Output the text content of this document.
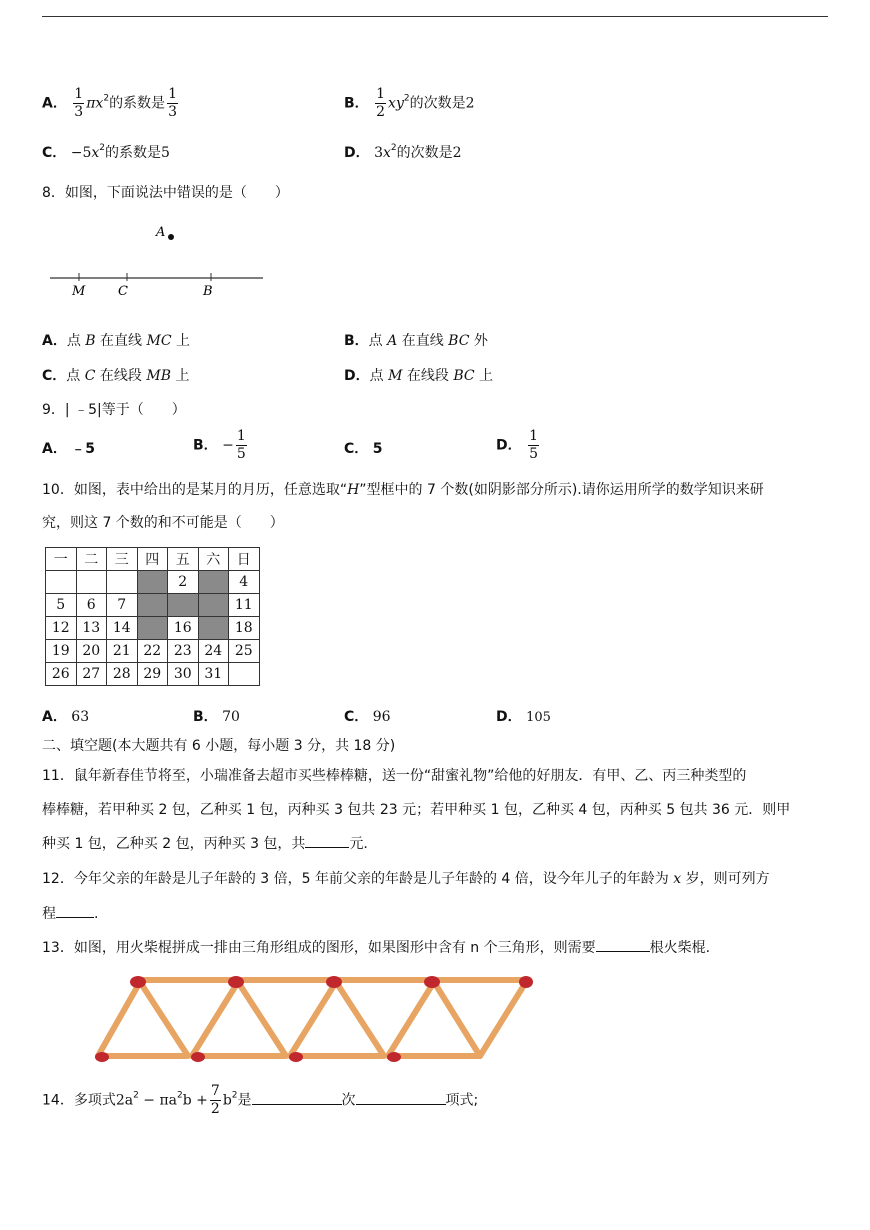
A． $\frac{1}{3} \pi x^2$的系数是 $\frac{1}{3}$	B． $\frac{1}{2} xy^2$的次数是2
C． $-5x^2$的系数是5	D． $3x^2$的次数是2
8．如图，下面说法中错误的是（　　）
A
M	C	B
A．点 B 在直线 MC 上	B．点 A 在直线 BC 外
C．点 C 在线段 MB 上	D．点 M 在线段 BC 上
9．| ﹣5|等于（　　）
A． ﹣5	B． − $\frac{1}{5}$	C． 5	D． $\frac{1}{5}$
10．如图，表中给出的是某月的月历，任意选取“H”型框中的 7 个数(如阴影部分所示).请你运用所学的数学知识来研
究，则这 7 个数的和不可能是（　　）
一	二	三	四	五	六	日
				2		4
5	6	7				11
12	13	14		16		18
19	20	21	22	23	24	25
26	27	28	29	30	31	
A． 63	B． 70	C． 96	D． 105
二、填空题(本大题共有 6 小题，每小题 3 分，共 18 分)
11．鼠年新春佳节将至，小瑞准备去超市买些棒棒糖，送一份“甜蜜礼物”给他的好朋友．有甲、乙、丙三种类型的
棒棒糖，若甲种买 2 包，乙种买 1 包，丙种买 3 包共 23 元；若甲种买 1 包，乙种买 4 包，丙种买 5 包共 36 元．则甲
种买 1 包，乙种买 2 包，丙种买 3 包，共	元.
12．今年父亲的年龄是儿子年龄的 3 倍，5 年前父亲的年龄是儿子年龄的 4 倍，设今年儿子的年龄为 x 岁，则可列方
程	.
13．如图，用火柴棍拼成一排由三角形组成的图形，如果图形中含有 n 个三角形，则需要	根火柴棍.
14．多项式$2a^2 - \pi a^2b + \frac{7}{2} b^2$是	次	项式;
